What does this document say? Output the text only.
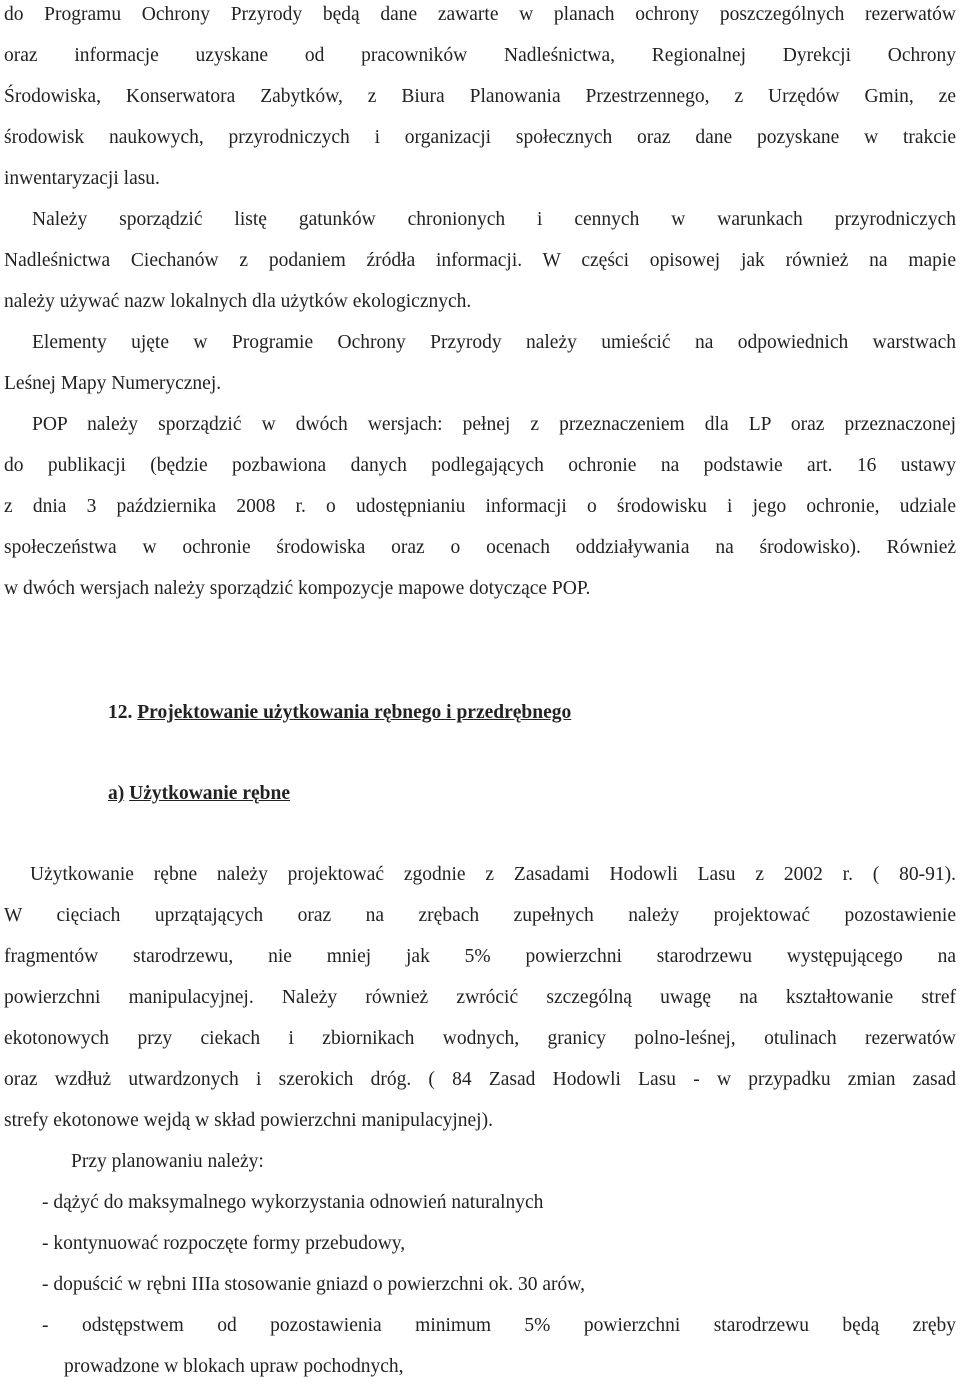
do Programu Ochrony Przyrody będą dane zawarte w planach ochrony poszczególnych rezerwatów
oraz informacje uzyskane od pracowników Nadleśnictwa, Regionalnej Dyrekcji Ochrony
Środowiska, Konserwatora Zabytków, z Biura Planowania Przestrzennego, z Urzędów Gmin, ze
środowisk naukowych, przyrodniczych i organizacji społecznych oraz dane pozyskane w trakcie
inwentaryzacji lasu.
Należy sporządzić listę gatunków chronionych i cennych w warunkach przyrodniczych
Nadleśnictwa Ciechanów z podaniem źródła informacji. W części opisowej jak również na mapie
należy używać nazw lokalnych dla użytków ekologicznych.
Elementy ujęte w Programie Ochrony Przyrody należy umieścić na odpowiednich warstwach
Leśnej Mapy Numerycznej.
POP należy sporządzić w dwóch wersjach: pełnej z przeznaczeniem dla LP oraz przeznaczonej
do publikacji (będzie pozbawiona danych podlegających ochronie na podstawie art. 16 ustawy
z dnia 3 października 2008 r. o udostępnianiu informacji o środowisku i jego ochronie, udziale
społeczeństwa w ochronie środowiska oraz o ocenach oddziaływania na środowisko). Również
w dwóch wersjach należy sporządzić kompozycje mapowe dotyczące POP.
12. Projektowanie użytkowania rębnego i przedrębnego
a) Użytkowanie rębne
Użytkowanie rębne należy projektować zgodnie z Zasadami Hodowli Lasu z 2002 r. ( 80-91).
W cięciach uprzątających oraz na zrębach zupełnych należy projektować pozostawienie
fragmentów starodrzewu, nie mniej jak 5% powierzchni starodrzewu występującego na
powierzchni manipulacyjnej. Należy również zwrócić szczególną uwagę na kształtowanie stref
ekotonowych przy ciekach i zbiornikach wodnych, granicy polno-leśnej, otulinach rezerwatów
oraz wzdłuż utwardzonych i szerokich dróg. ( 84 Zasad Hodowli Lasu - w przypadku zmian zasad
strefy ekotonowe wejdą w skład powierzchni manipulacyjnej).
Przy planowaniu należy:
- dążyć do maksymalnego wykorzystania odnowień naturalnych
- kontynuować rozpoczęte formy przebudowy,
- dopuścić w rębni IIIa stosowanie gniazd o powierzchni ok. 30 arów,
- odstępstwem od pozostawienia minimum 5% powierzchni starodrzewu będą zręby
prowadzone w blokach upraw pochodnych,
